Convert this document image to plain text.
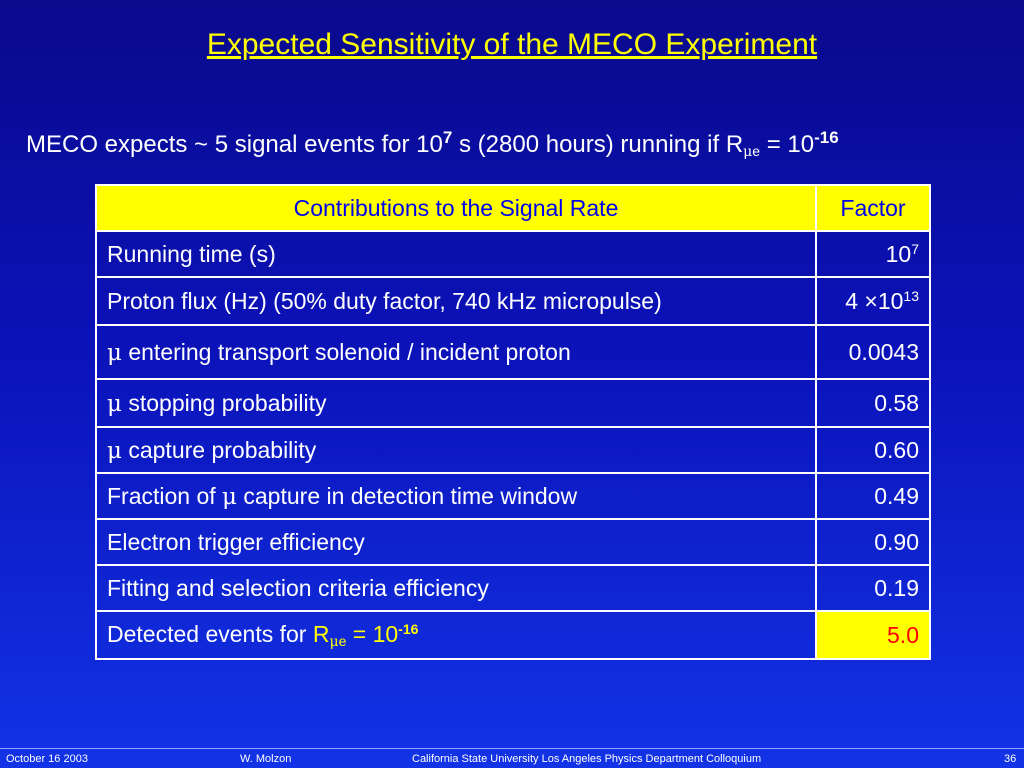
Expected Sensitivity of the MECO Experiment
MECO expects ~ 5 signal events for $10^7$ s (2800 hours) running if $R_{\mu e} = 10^{-16}$
Contributions to the Signal Rate	Factor
Running time (s)	$10^7$
Proton flux (Hz) (50% duty factor, 740 kHz micropulse)	$4 \times 10^{13}$
μ entering transport solenoid / incident proton	0.0043
μ stopping probability	0.58
μ capture probability	0.60
Fraction of μ capture in detection time window	0.49
Electron trigger efficiency	0.90
Fitting and selection criteria efficiency	0.19
Detected events for $R_{\mu e} = 10^{-16}$	5.0
October 16 2003	W. Molzon	California State University Los Angeles Physics Department Colloquium	36
